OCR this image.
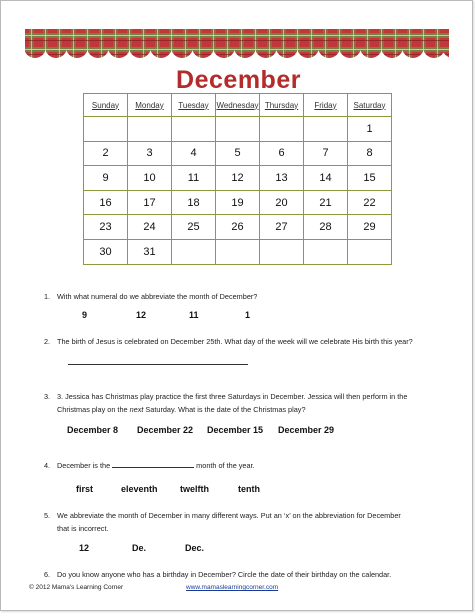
December
Sunday	Monday	Tuesday	Wednesday	Thursday	Friday	Saturday
						1
2	3	4	5	6	7	8
9	10	11	12	13	14	15
16	17	18	19	20	21	22
23	24	25	26	27	28	29
30	31					
1. With what numeral do we abbreviate the month of December?
9	12	11	1
2. The birth of Jesus is celebrated on December 25th. What day of the week will we celebrate His birth this year?
3. 3. Jessica has Christmas play practice the first three Saturdays in December. Jessica will then perform in the
Christmas play on the next Saturday. What is the date of the Christmas play?
December 8 December 22 December 15 December 29
4. December is the	month of the year.
first	eleventh twelfth	tenth
5. We abbreviate the month of December in many different ways. Put an ‘x’ on the abbreviation for December
that is incorrect.
12	De.	Dec.
6. Do you know anyone who has a birthday in December? Circle the date of their birthday on the calendar.
© 2012 Mama's Learning Corner	www.mamaslearningcorner.com
